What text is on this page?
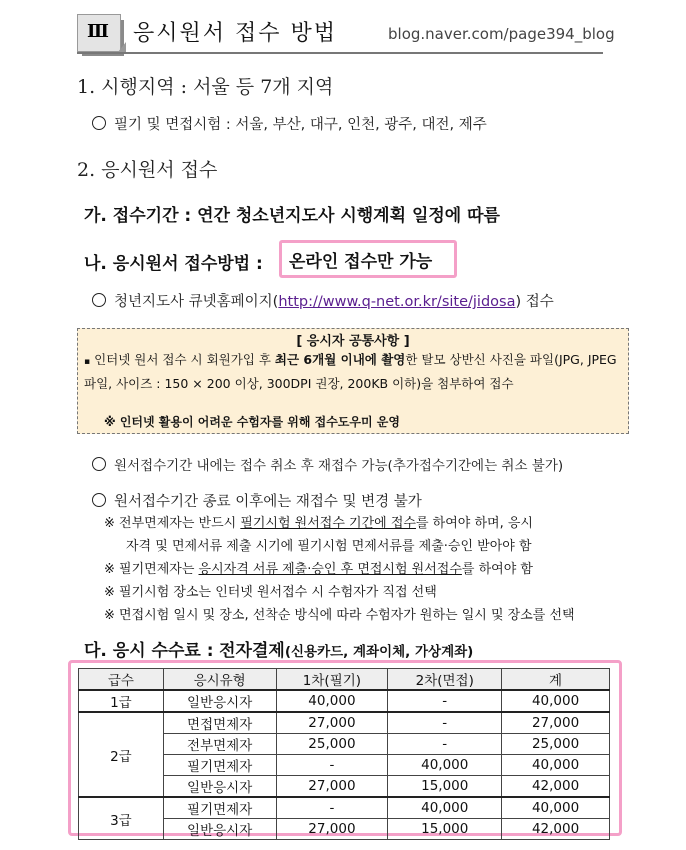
Ⅲ	응시원서 접수 방법	blog.naver.com/page394_blog
1. 시행지역 : 서울 등 7개 지역
필기 및 면접시험 : 서울, 부산, 대구, 인천, 광주, 대전, 제주
2. 응시원서 접수
가. 접수기간 : 연간 청소년지도사 시행계획 일정에 따름
나. 응시원서 접수방법 : 온라인 접수만 가능
청년지도사 큐넷홈페이지(http://www.q-net.or.kr/site/jidosa) 접수
[ 응시자 공통사항 ]
▪ 인터넷 원서 접수 시 회원가입 후 최근 6개월 이내에 촬영한 탈모 상반신 사진을 파일(JPG, JPEG 파일, 사이즈 : 150 × 200 이상, 300DPI 권장, 200KB 이하)을 첨부하여 접수
※ 인터넷 활용이 어려운 수험자를 위해 접수도우미 운영
원서접수기간 내에는 접수 취소 후 재접수 가능(추가접수기간에는 취소 불가)
원서접수기간 종료 이후에는 재접수 및 변경 불가
※ 전부면제자는 반드시 필기시험 원서접수 기간에 접수를 하여야 하며, 응시
자격 및 면제서류 제출 시기에 필기시험 면제서류를 제출·승인 받아야 함
※ 필기면제자는 응시자격 서류 제출·승인 후 면접시험 원서접수를 하여야 함
※ 필기시험 장소는 인터넷 원서접수 시 수험자가 직접 선택
※ 면접시험 일시 및 장소, 선착순 방식에 따라 수험자가 원하는 일시 및 장소를 선택
다. 응시 수수료 : 전자결제(신용카드, 계좌이체, 가상계좌)
급수	응시유형	1차(필기)	2차(면접)	계
1급	일반응시자	40,000	-	40,000
2급	면접면제자	27,000	-	27,000
	전부면제자	25,000	-	25,000
	필기면제자	-	40,000	40,000
	일반응시자	27,000	15,000	42,000
3급	필기면제자	-	40,000	40,000
	일반응시자	27,000	15,000	42,000
